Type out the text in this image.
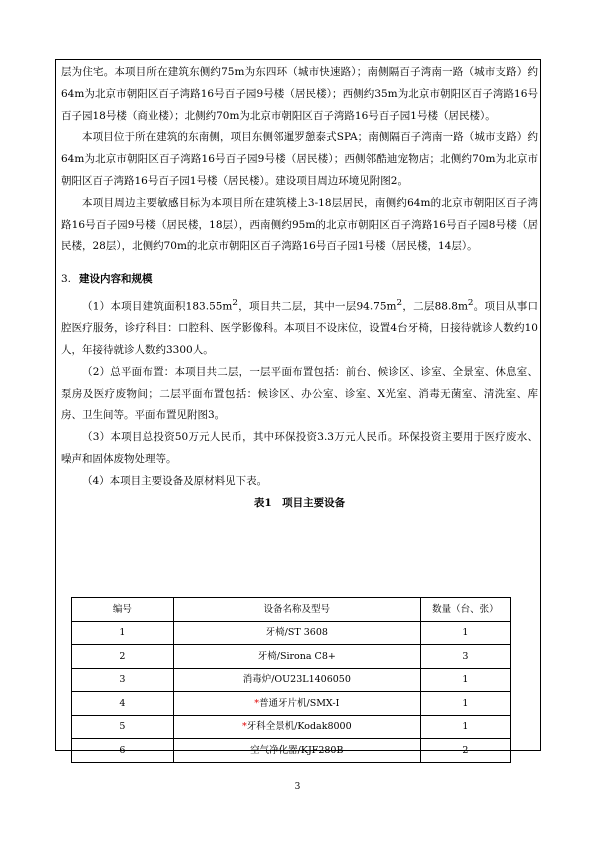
层为住宅。本项目所在建筑东侧约75m为东四环（城市快速路）；南侧隔百子湾南一路（城市支路）约64m为北京市朝阳区百子湾路16号百子园9号楼（居民楼）；西侧约35m为北京市朝阳区百子湾路16号百子园18号楼（商业楼）；北侧约70m为北京市朝阳区百子湾路16号百子园1号楼（居民楼）。

本项目位于所在建筑的东南侧，项目东侧邻暹罗憩泰式SPA；南侧隔百子湾南一路（城市支路）约64m为北京市朝阳区百子湾路16号百子园9号楼（居民楼）；西侧邻酷迪宠物店；北侧约70m为北京市朝阳区百子湾路16号百子园1号楼（居民楼）。建设项目周边环境见附图2。

本项目周边主要敏感目标为本项目所在建筑楼上3-18层居民，南侧约64m的北京市朝阳区百子湾路16号百子园9号楼（居民楼，18层），西南侧约95m的北京市朝阳区百子湾路16号百子园8号楼（居民楼，28层），北侧约70m的北京市朝阳区百子湾路16号百子园1号楼（居民楼，14层）。

3. 建设内容和规模

（1）本项目建筑面积$183.55m^2$，项目共二层，其中一层$94.75m^2$，二层$88.8m^2$。项目从事口腔医疗服务，诊疗科目：口腔科、医学影像科。本项目不设床位，设置4台牙椅，日接待就诊人数约10人，年接待就诊人数约3300人。

（2）总平面布置：本项目共二层，一层平面布置包括：前台、候诊区、诊室、全景室、休息室、泵房及医疗废物间；二层平面布置包括：候诊区、办公室、诊室、X光室、消毒无菌室、清洗室、库房、卫生间等。平面布置见附图3。

（3）本项目总投资50万元人民币，其中环保投资3.3万元人民币。环保投资主要用于医疗废水、噪声和固体废物处理等。

（4）本项目主要设备及原材料见下表。

表1　项目主要设备

编号	设备名称及型号	数量（台、张）
1	牙椅/ST 3608	1
2	牙椅/Sirona C8+	3
3	消毒炉/OU23L1406050	1
4	*普通牙片机/SMX-I	1
5	*牙科全景机/Kodak8000	1
6	空气净化器/KJF280B	2
3
